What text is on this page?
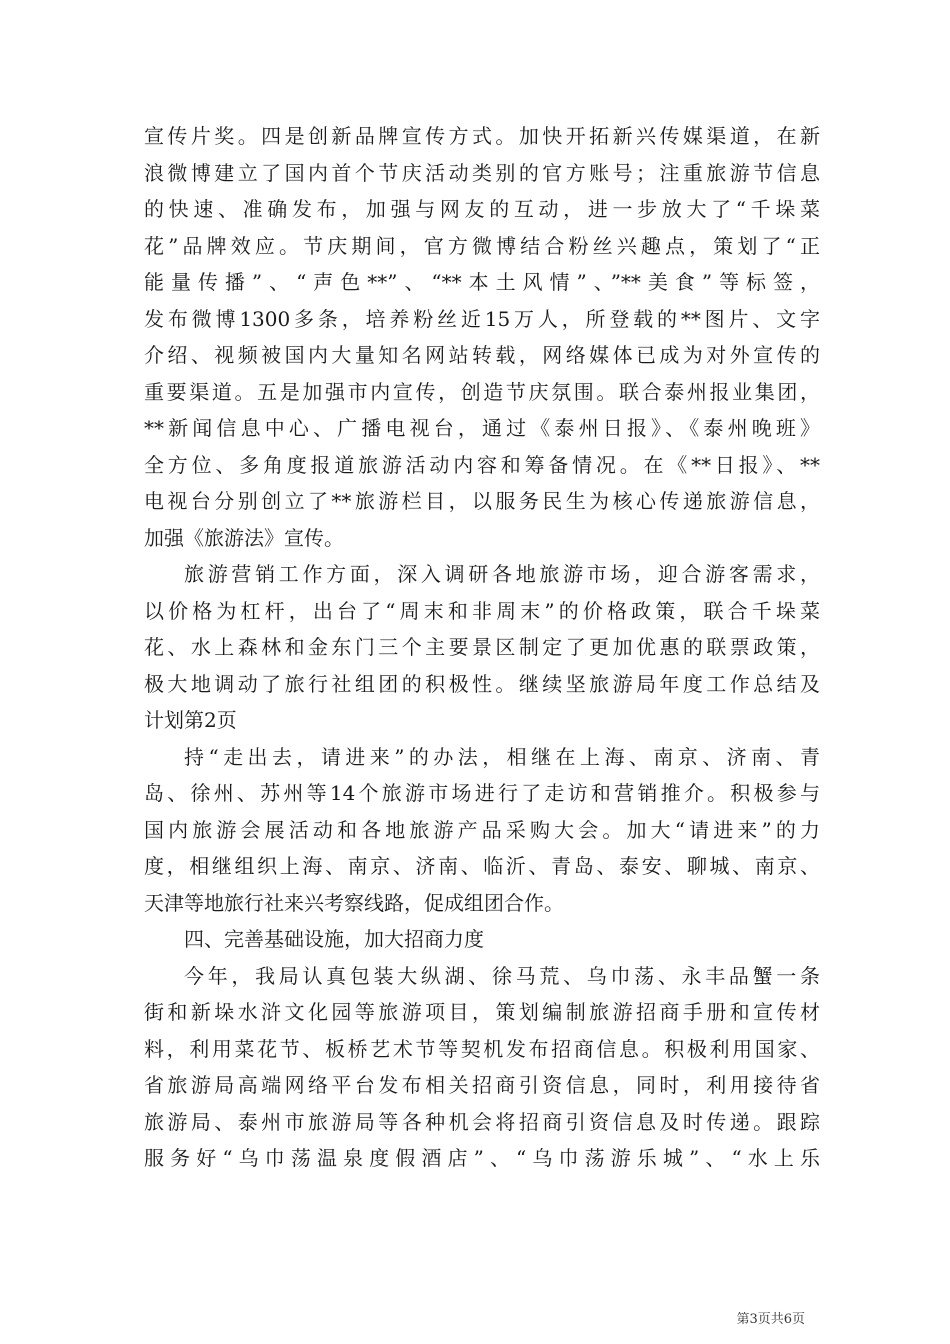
宣传片奖。四是创新品牌宣传方式。加快开拓新兴传媒渠道，在新
浪微博建立了国内首个节庆活动类别的官方账号；注重旅游节信息
的快速、准确发布，加强与网友的互动，进一步放大了“千垛菜
花”品牌效应。节庆期间，官方微博结合粉丝兴趣点，策划了“正
能量传播”、“声色**”、“**本土风情”、”**美食”等标签，
发布微博1300多条，培养粉丝近15万人，所登载的**图片、文字
介绍、视频被国内大量知名网站转载，网络媒体已成为对外宣传的
重要渠道。五是加强市内宣传，创造节庆氛围。联合泰州报业集团，
**新闻信息中心、广播电视台，通过《泰州日报》、《泰州晚班》
全方位、多角度报道旅游活动内容和筹备情况。在《**日报》、**
电视台分别创立了**旅游栏目，以服务民生为核心传递旅游信息，
加强《旅游法》宣传。
旅游营销工作方面，深入调研各地旅游市场，迎合游客需求，
以价格为杠杆，出台了“周末和非周末”的价格政策，联合千垛菜
花、水上森林和金东门三个主要景区制定了更加优惠的联票政策，
极大地调动了旅行社组团的积极性。继续坚旅游局年度工作总结及
计划第2页
持“走出去，请进来”的办法，相继在上海、南京、济南、青
岛、徐州、苏州等14个旅游市场进行了走访和营销推介。积极参与
国内旅游会展活动和各地旅游产品采购大会。加大“请进来”的力
度，相继组织上海、南京、济南、临沂、青岛、泰安、聊城、南京、
天津等地旅行社来兴考察线路，促成组团合作。
四、完善基础设施，加大招商力度
今年，我局认真包装大纵湖、徐马荒、乌巾荡、永丰品蟹一条
街和新垛水浒文化园等旅游项目，策划编制旅游招商手册和宣传材
料，利用菜花节、板桥艺术节等契机发布招商信息。积极利用国家、
省旅游局高端网络平台发布相关招商引资信息，同时，利用接待省
旅游局、泰州市旅游局等各种机会将招商引资信息及时传递。跟踪
服务好“乌巾荡温泉度假酒店”、“乌巾荡游乐城”、“水上乐
第3页共6页
